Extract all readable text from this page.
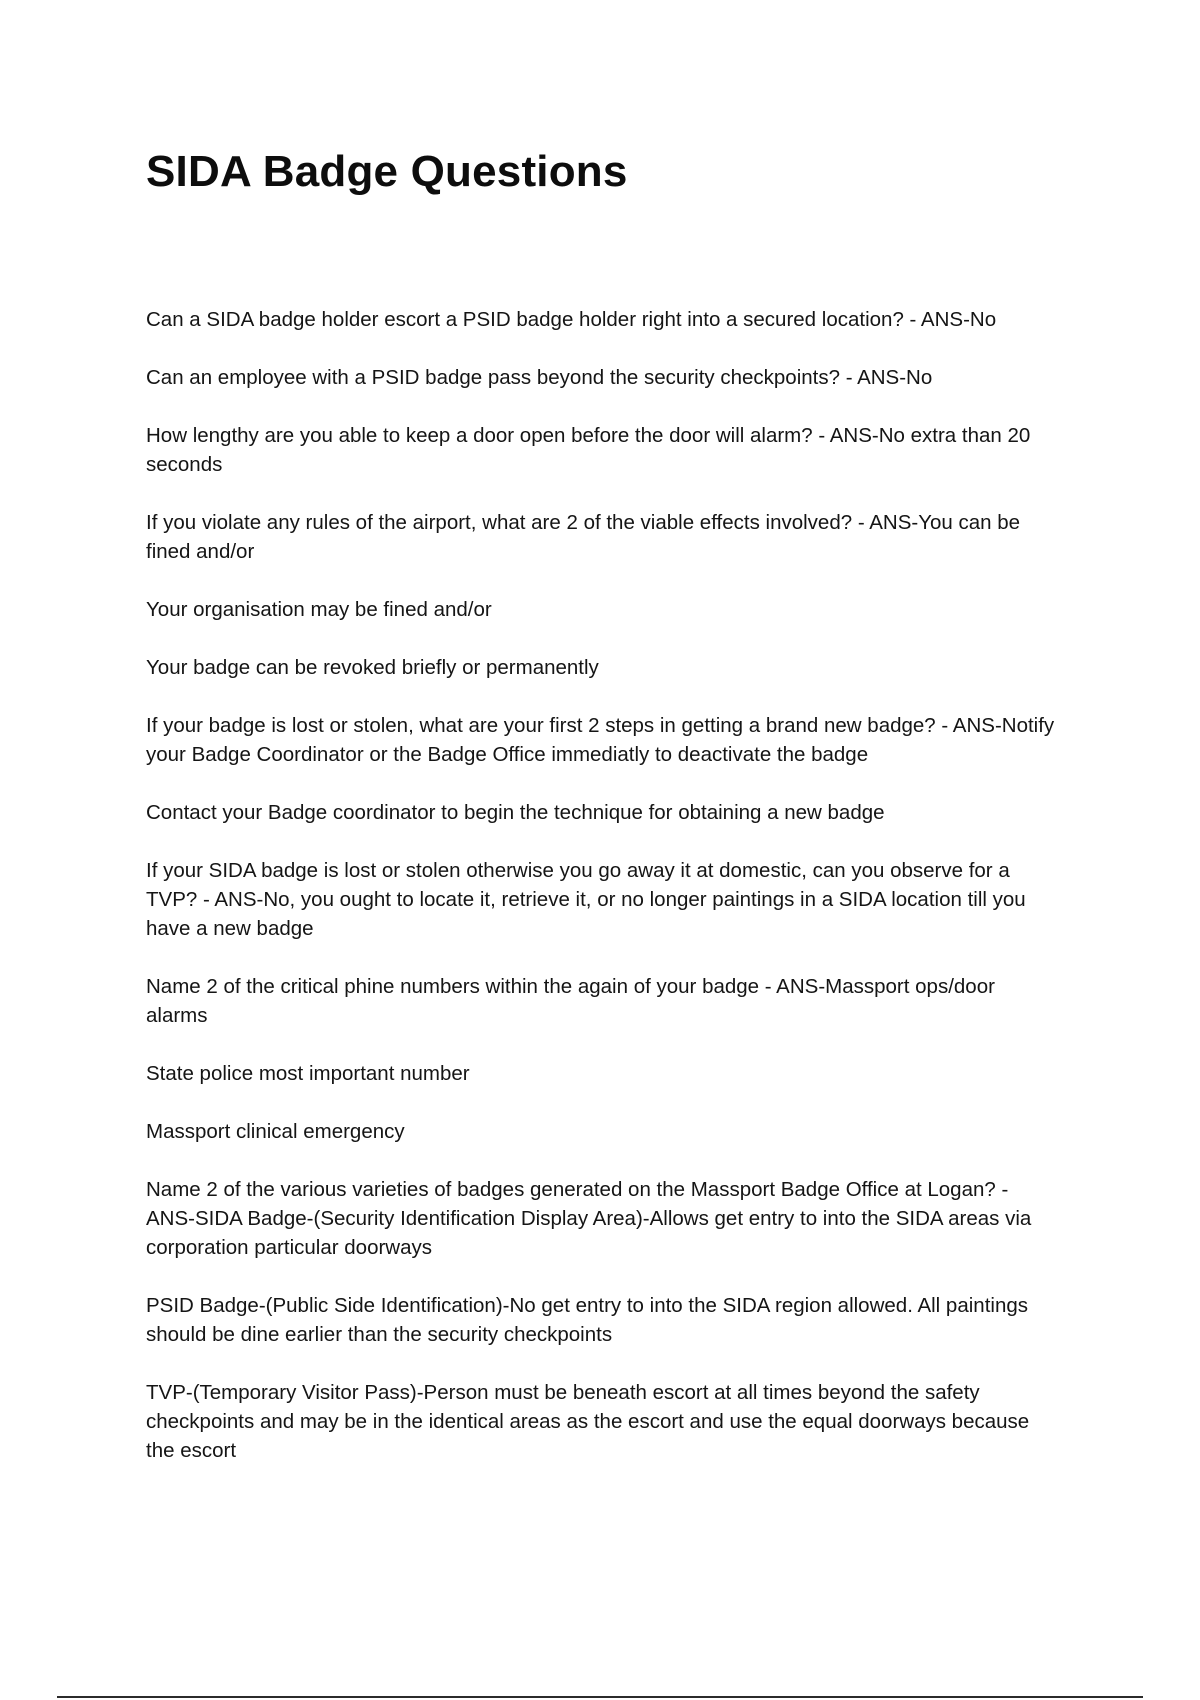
SIDA Badge Questions

Can a SIDA badge holder escort a PSID badge holder right into a secured location? - ANS-No

Can an employee with a PSID badge pass beyond the security checkpoints? - ANS-No

How lengthy are you able to keep a door open before the door will alarm? - ANS-No extra than 20 seconds

If you violate any rules of the airport, what are 2 of the viable effects involved? - ANS-You can be fined and/or

Your organisation may be fined and/or

Your badge can be revoked briefly or permanently

If your badge is lost or stolen, what are your first 2 steps in getting a brand new badge? - ANS-Notify your Badge Coordinator or the Badge Office immediatly to deactivate the badge

Contact your Badge coordinator to begin the technique for obtaining a new badge

If your SIDA badge is lost or stolen otherwise you go away it at domestic, can you observe for a TVP? - ANS-No, you ought to locate it, retrieve it, or no longer paintings in a SIDA location till you have a new badge

Name 2 of the critical phine numbers within the again of your badge - ANS-Massport ops/door alarms

State police most important number

Massport clinical emergency

Name 2 of the various varieties of badges generated on the Massport Badge Office at Logan? - ANS-SIDA Badge-(Security Identification Display Area)-Allows get entry to into the SIDA areas via corporation particular doorways

PSID Badge-(Public Side Identification)-No get entry to into the SIDA region allowed. All paintings should be dine earlier than the security checkpoints

TVP-(Temporary Visitor Pass)-Person must be beneath escort at all times beyond the safety checkpoints and may be in the identical areas as the escort and use the equal doorways because the escort
